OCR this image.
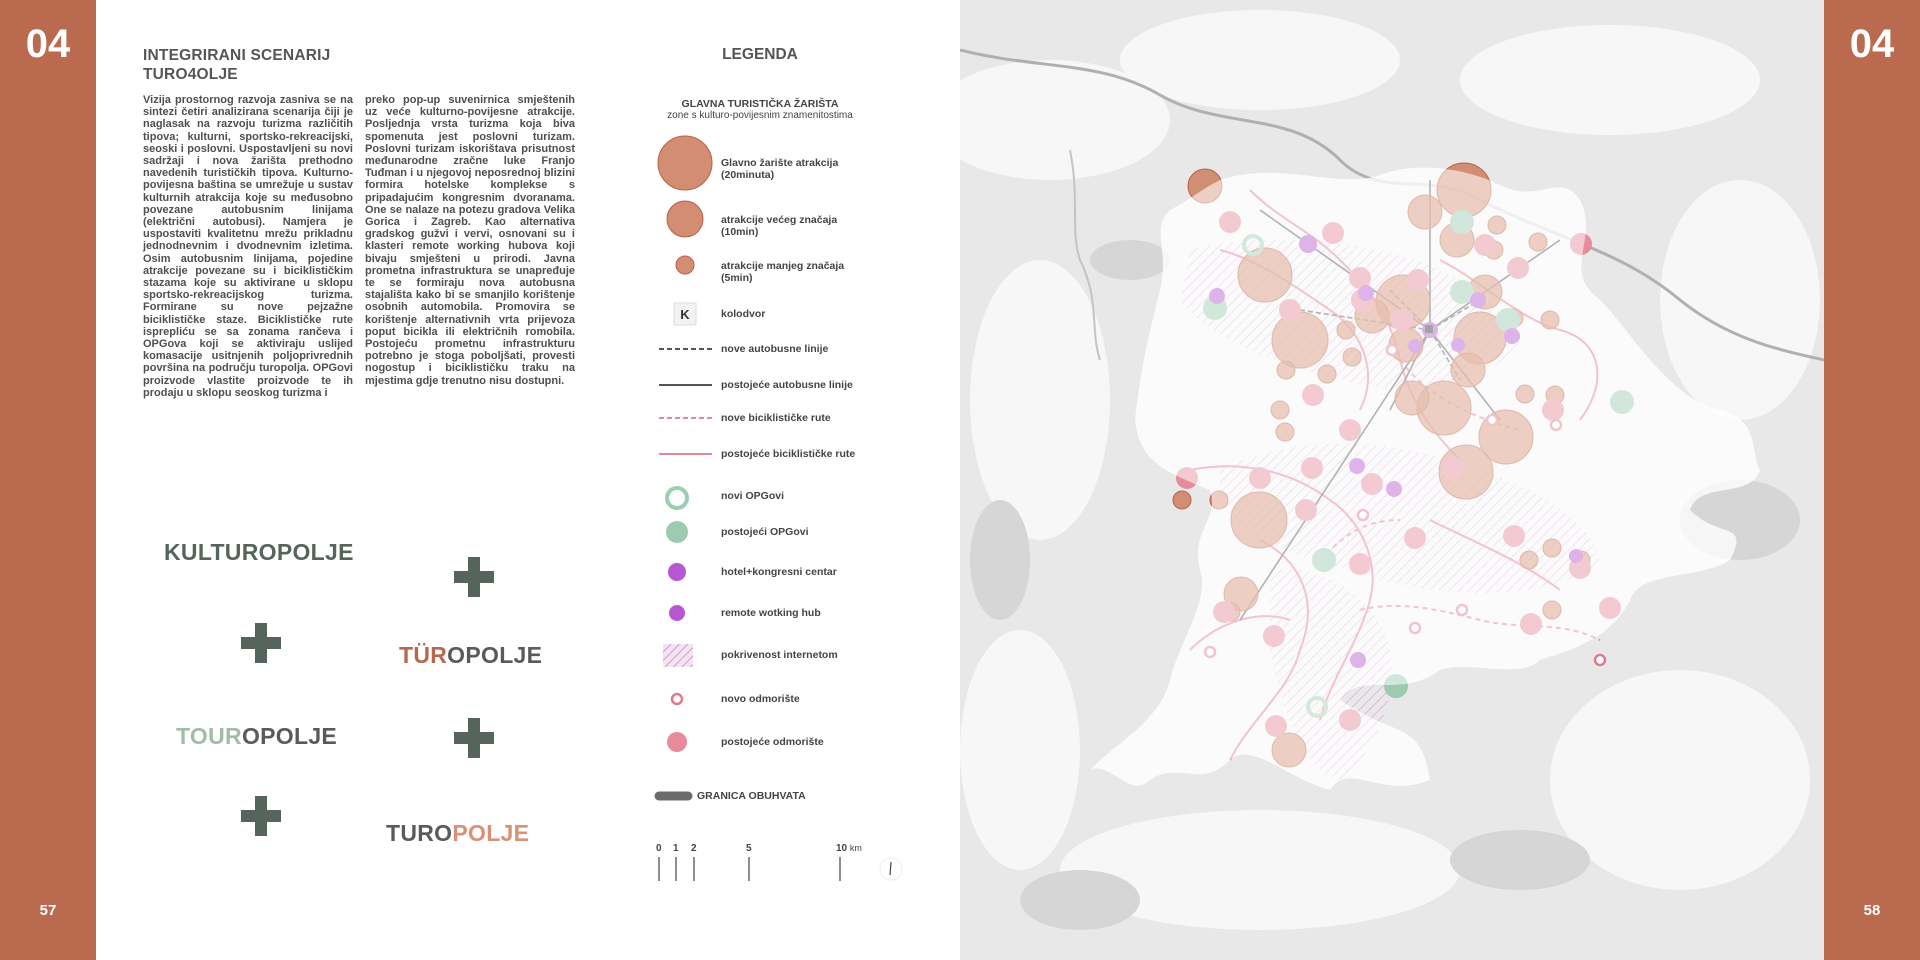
04
57
INTEGRIRANI SCENARIJ
TURO4OLJE
Vizija prostornog razvoja zasniva se na sintezi četiri analizirana scenarija čiji je naglasak na razvoju turizma različitih tipova; kulturni, sportsko-rekreacijski, seoski i poslovni. Uspostavljeni su novi sadržaji i nova žarišta prethodno navedenih turističkih tipova. Kulturno-povijesna baština se umrežuje u sustav kulturnih atrakcija koje su međusobno povezane autobusnim linijama (električni autobusi). Namjera je uspostaviti kvalitetnu mrežu prikladnu jednodnevnim i dvodnevnim izletima. Osim autobusnim linijama, pojedine atrakcije povezane su i biciklističkim stazama koje su aktivirane u sklopu sportsko-rekreacijskog turizma. Formirane su nove pejzažne biciklističke staze. Biciklističke rute isprepliću se sa zonama rančeva i OPGova koji se aktiviraju uslijed komasacije usitnjenih poljoprivrednih površina na području turopolja. OPGovi proizvode vlastite proizvode te ih prodaju u sklopu seoskog turizma i
preko pop-up suvenirnica smještenih uz veće kulturno-povijesne atrakcije. Posljednja vrsta turizma koja biva spomenuta jest poslovni turizam. Poslovni turizam iskorištava prisutnost međunarodne zračne luke Franjo Tuđman i u njegovoj neposrednoj blizini formira hotelske komplekse s pripadajućim kongresnim dvoranama. One se nalaze na potezu gradova Velika Gorica i Zagreb. Kao alternativa gradskog gužvi i vervi, osnovani su i klasteri remote working hubova koji bivaju smješteni u prirodi. Javna prometna infrastruktura se unapređuje te se formiraju nova autobusna stajališta kako bi se smanjilo korištenje osobnih automobila. Promovira se korištenje alternativnih vrta prijevoza poput bicikla ili električnih romobila. Postojeću prometnu infrastrukturu potrebno je stoga poboljšati, provesti nogostup i biciklističku traku na mjestima gdje trenutno nisu dostupni.
KULTUROPOLJE
TÜROPOLJE
TOUROPOLJE
TUROPOLJE
LEGENDA
GLAVNA TURISTIČKA ŽARIŠTA
zone s kulturo-povijesnim znamenitostima
K
Glavno žarište atrakcija
(20minuta)
atrakcije većeg značaja
(10min)
atrakcije manjeg značaja
(5min)
kolodvor
nove autobusne linije
postojeće autobusne linije
nove biciklističke rute
postojeće biciklističke rute
novi OPGovi
postojeći OPGovi
hotel+kongresni centar
remote wotking hub
pokrivenost internetom
novo odmorište
postojeće odmorište
GRANICA OBUHVATA
0 1 2	5	10 km
04
58
